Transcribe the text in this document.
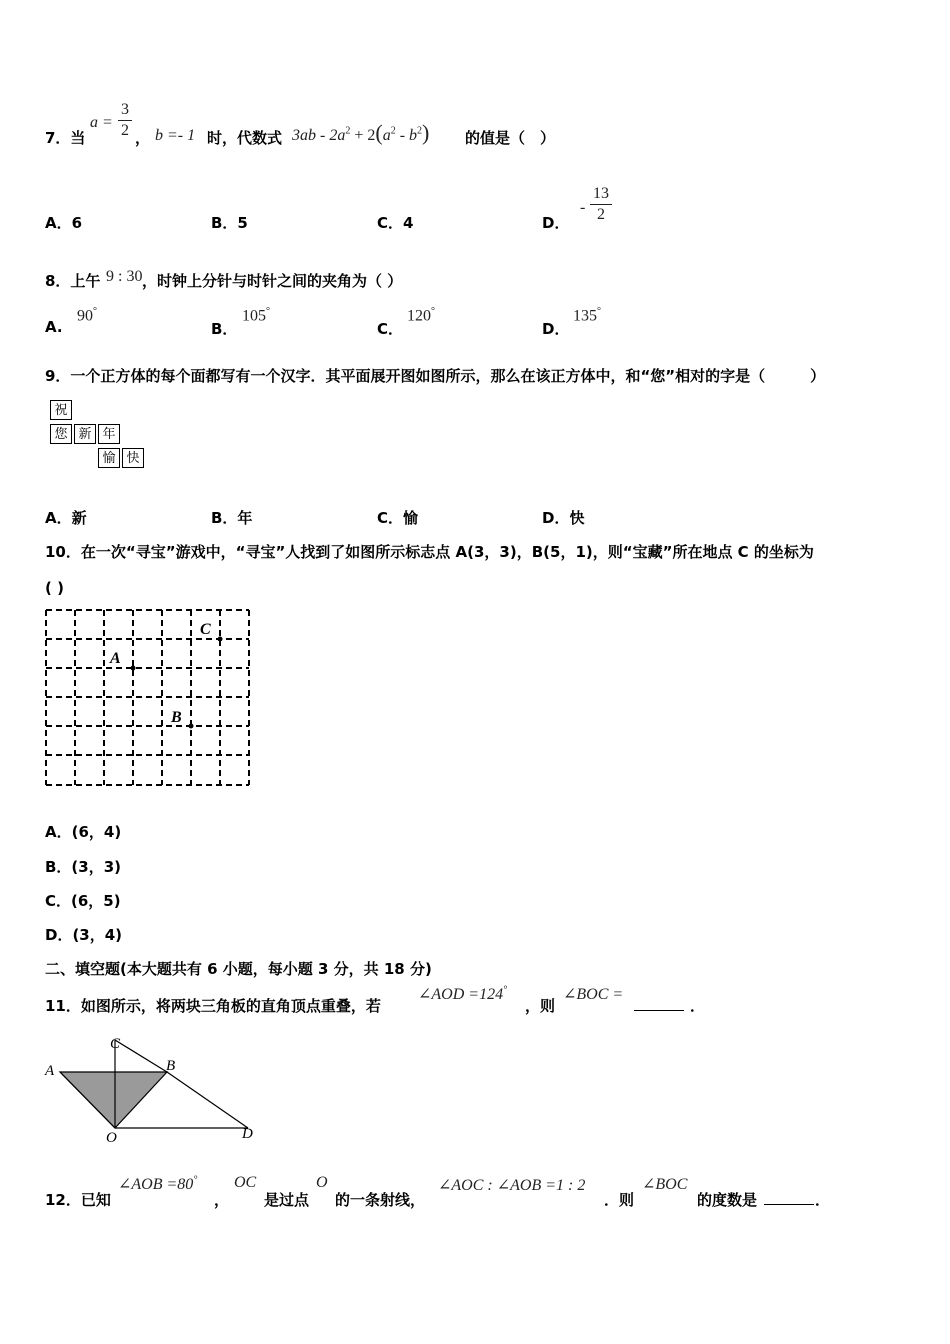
7．当
a =
3
2 ， b =- 1 时，代数式 $3ab - 2a^2 + 2(a^2 - b^2)$ 的值是（　）
A．6	B．5	C．4	D．
-
13
2
8．上午 9 : 30 ，时钟上分针与时针之间的夹角为（ ）
A.
90°
B．
105°
C．
120°
D．
135°
9．一个正方体的每个面都写有一个汉字．其平面展开图如图所示，那么在该正方体中，和“您”相对的字是（　　　）
祝
您 新 年
愉 快
A．新	B．年	C．愉	D．快
10．在一次“寻宝”游戏中，“寻宝”人找到了如图所示标志点 A(3，3)，B(5，1)，则“宝藏”所在地点 C 的坐标为
( )
C
A
B
A．(6，4)
B．(3，3)
C．(6，5)
D．(3，4)
二、填空题(本大题共有 6 小题，每小题 3 分，共 18 分)
11．如图所示，将两块三角板的直角顶点重叠，若
∠AOD =124°
，则
∠BOC =
．
A	B
C
O	D
12．已知
∠AOB =80°
，
OC
是过点
O
的一条射线，
∠AOC : ∠AOB =1 : 2
．则
∠BOC
的度数是	．
